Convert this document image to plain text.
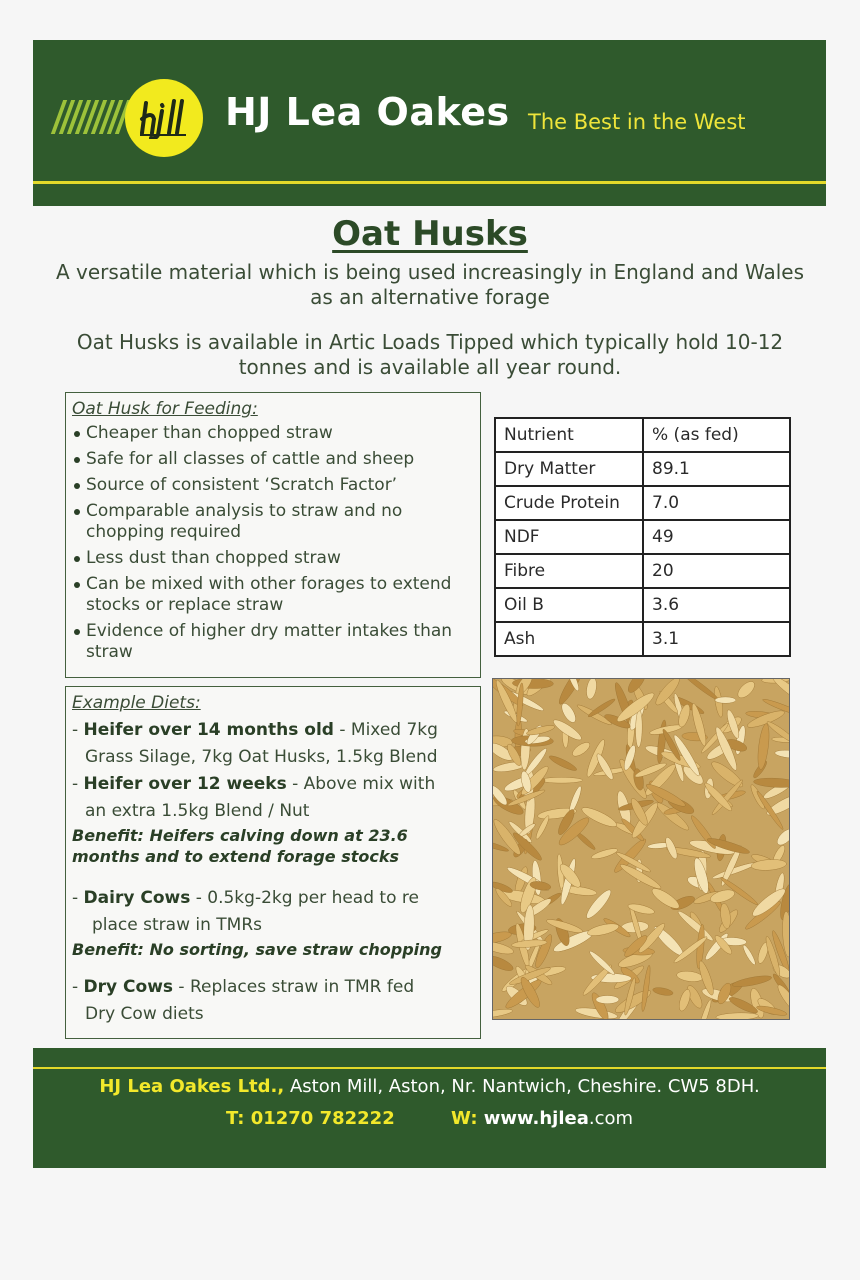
HJ Lea Oakes The Best in the West
Oat Husks
A versatile material which is being used increasingly in England and Wales as an alternative forage
Oat Husks is available in Artic Loads Tipped which typically hold 10-12 tonnes and is available all year round.
Oat Husk for Feeding:
Cheaper than chopped straw
Safe for all classes of cattle and sheep
Source of consistent ‘Scratch Factor’
Comparable analysis to straw and no chopping required
Less dust than chopped straw
Can be mixed with other forages to extend stocks or replace straw
Evidence of higher dry matter intakes than straw
Nutrient	% (as fed)
Dry Matter	89.1
Crude Protein	7.0
NDF	49
Fibre	20
Oil B	3.6
Ash	3.1
Example Diets:

- Heifer over 14 months old - Mixed 7kg

Grass Silage, 7kg Oat Husks, 1.5kg Blend

- Heifer over 12 weeks - Above mix with

an extra 1.5kg Blend / Nut

Benefit: Heifers calving down at 23.6 months and to extend forage stocks

- Dairy Cows - 0.5kg-2kg per head to re

place straw in TMRs

Benefit: No sorting, save straw chopping

- Dry Cows - Replaces straw in TMR fed

Dry Cow diets

HJ Lea Oakes Ltd., Aston Mill, Aston, Nr. Nantwich, Cheshire. CW5 8DH.
T: 01270 782222	W: www.hjlea.com
